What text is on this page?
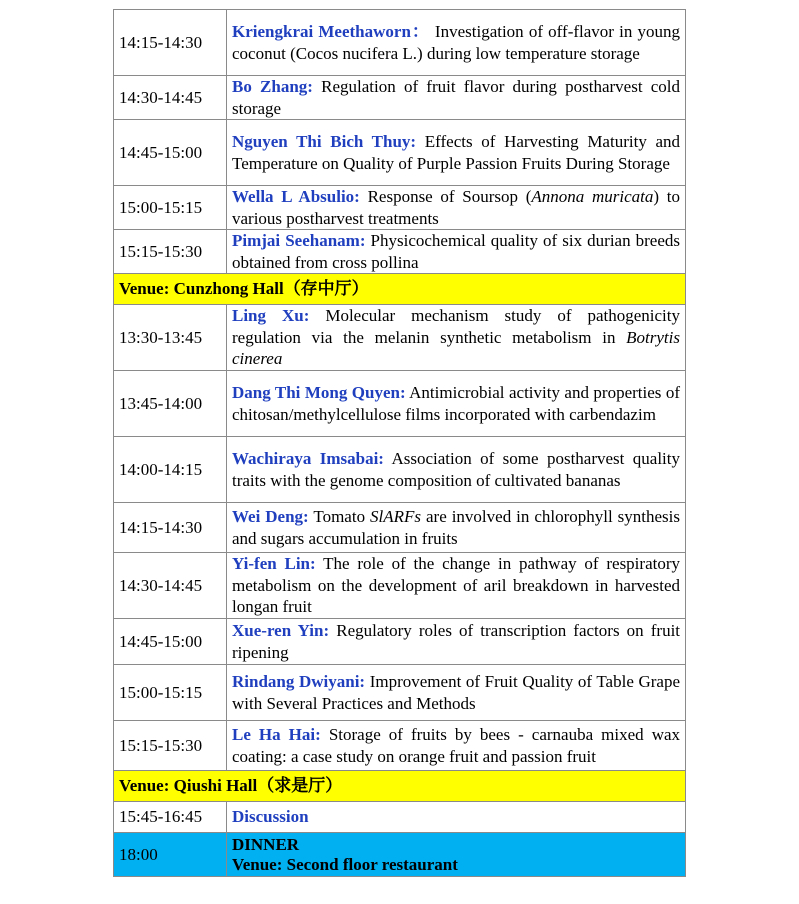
14:15-14:30	Kriengkrai Meethaworn： Investigation of off-flavor in young coconut (Cocos nucifera L.) during low temperature storage
14:30-14:45	Bo Zhang: Regulation of fruit flavor during postharvest cold storage
14:45-15:00	Nguyen Thi Bich Thuy: Effects of Harvesting Maturity and Temperature on Quality of Purple Passion Fruits During Storage
15:00-15:15	Wella L Absulio: Response of Soursop (Annona muricata) to various postharvest treatments
15:15-15:30	Pimjai Seehanam: Physicochemical quality of six durian breeds obtained from cross pollina
Venue: Cunzhong Hall（存中厅）	
13:30-13:45	Ling Xu: Molecular mechanism study of pathogenicity regulation via the melanin synthetic metabolism in Botrytis cinerea
13:45-14:00	Dang Thi Mong Quyen: Antimicrobial activity and properties of chitosan/methylcellulose films incorporated with carbendazim
14:00-14:15	Wachiraya Imsabai: Association of some postharvest quality traits with the genome composition of cultivated bananas
14:15-14:30	Wei Deng: Tomato SlARFs are involved in chlorophyll synthesis and sugars accumulation in fruits
14:30-14:45	Yi-fen Lin: The role of the change in pathway of respiratory metabolism on the development of aril breakdown in harvested longan fruit
14:45-15:00	Xue-ren Yin: Regulatory roles of transcription factors on fruit ripening
15:00-15:15	Rindang Dwiyani: Improvement of Fruit Quality of Table Grape with Several Practices and Methods
15:15-15:30	Le Ha Hai: Storage of fruits by bees - carnauba mixed wax coating: a case study on orange fruit and passion fruit
Venue: Qiushi Hall（求是厅）	
15:45-16:45	Discussion
18:00	DINNER
Venue: Second floor restaurant
